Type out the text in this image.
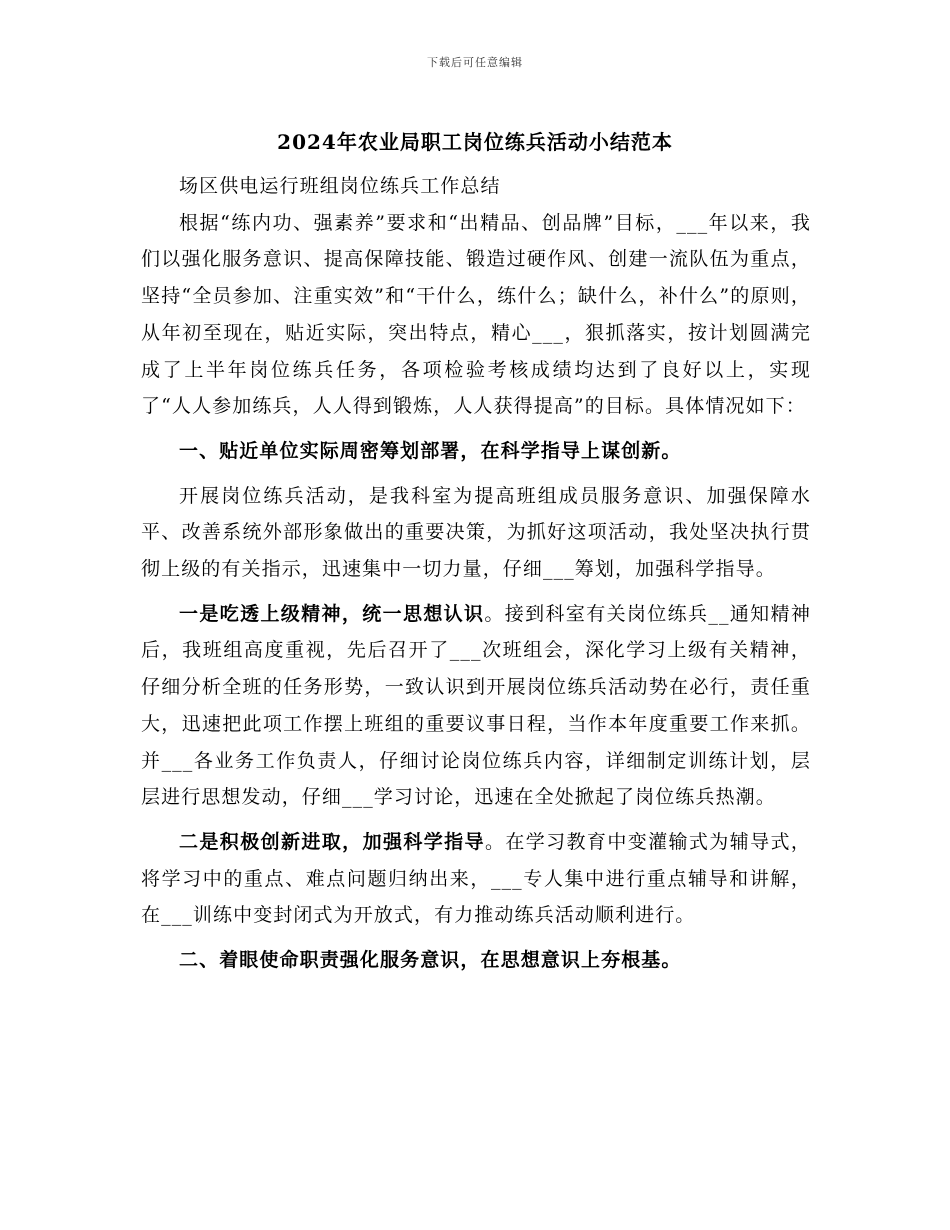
下载后可任意编辑
2024年农业局职工岗位练兵活动小结范本

场区供电运行班组岗位练兵工作总结

根据“练内功、强素养”要求和“出精品、创品牌”目标，___年以来，我们以强化服务意识、提高保障技能、锻造过硬作风、创建一流队伍为重点，坚持“全员参加、注重实效”和“干什么，练什么；缺什么，补什么”的原则，从年初至现在，贴近实际，突出特点，精心___，狠抓落实，按计划圆满完成了上半年岗位练兵任务，各项检验考核成绩均达到了良好以上，实现了“人人参加练兵，人人得到锻炼，人人获得提高”的目标。具体情况如下：

一、贴近单位实际周密筹划部署，在科学指导上谋创新。

开展岗位练兵活动，是我科室为提高班组成员服务意识、加强保障水平、改善系统外部形象做出的重要决策，为抓好这项活动，我处坚决执行贯彻上级的有关指示，迅速集中一切力量，仔细___筹划，加强科学指导。

一是吃透上级精神，统一思想认识。接到科室有关岗位练兵__通知精神后，我班组高度重视，先后召开了___次班组会，深化学习上级有关精神，仔细分析全班的任务形势，一致认识到开展岗位练兵活动势在必行，责任重大，迅速把此项工作摆上班组的重要议事日程，当作本年度重要工作来抓。并___各业务工作负责人，仔细讨论岗位练兵内容，详细制定训练计划，层层进行思想发动，仔细___学习讨论，迅速在全处掀起了岗位练兵热潮。

二是积极创新进取，加强科学指导。在学习教育中变灌输式为辅导式，将学习中的重点、难点问题归纳出来，___专人集中进行重点辅导和讲解，在___训练中变封闭式为开放式，有力推动练兵活动顺利进行。

二、着眼使命职责强化服务意识，在思想意识上夯根基。
